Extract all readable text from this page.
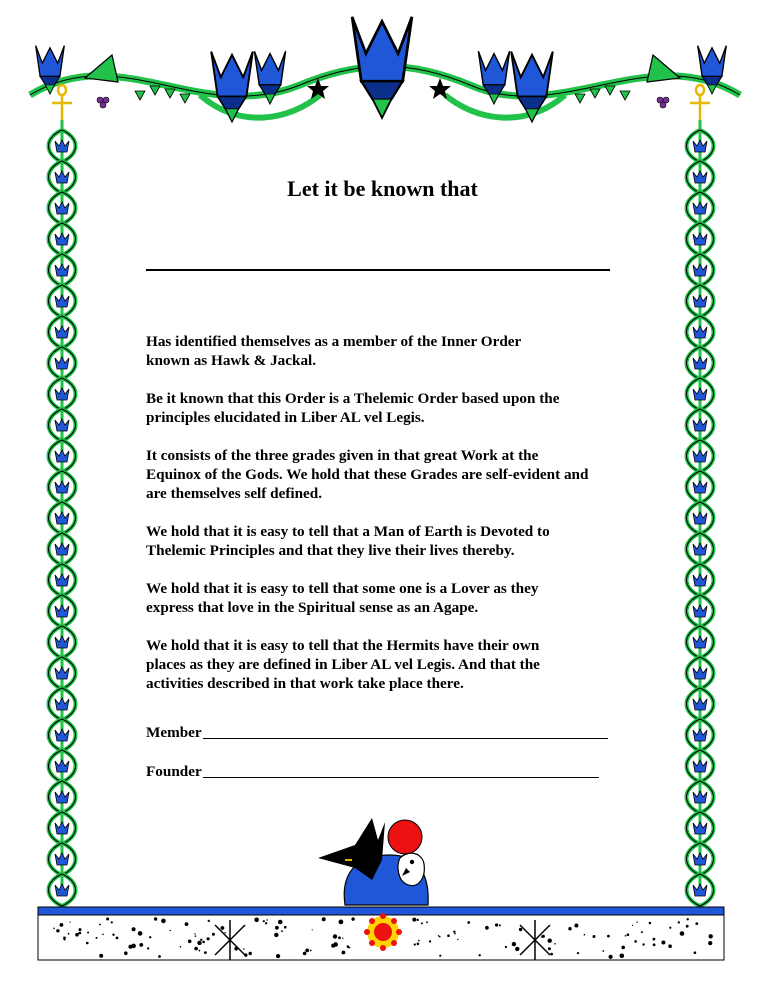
Let it be known that

Has identified themselves as a member of the Inner Order
known as Hawk & Jackal.

Be it known that this Order is a Thelemic Order based upon the
principles elucidated in Liber AL vel Legis.

It consists of the three grades given in that great Work at the
Equinox of the Gods. We hold that these Grades are self-evident and
are themselves self defined.

We hold that it is easy to tell that a Man of Earth is Devoted to
Thelemic Principles and that they live their lives thereby.

We hold that it is easy to tell that some one is a Lover as they
express that love in the Spiritual sense as an Agape.

We hold that it is easy to tell that the Hermits have their own
places as they are defined in Liber AL vel Legis. And that the
activities described in that work take place there.

Member
Founder
